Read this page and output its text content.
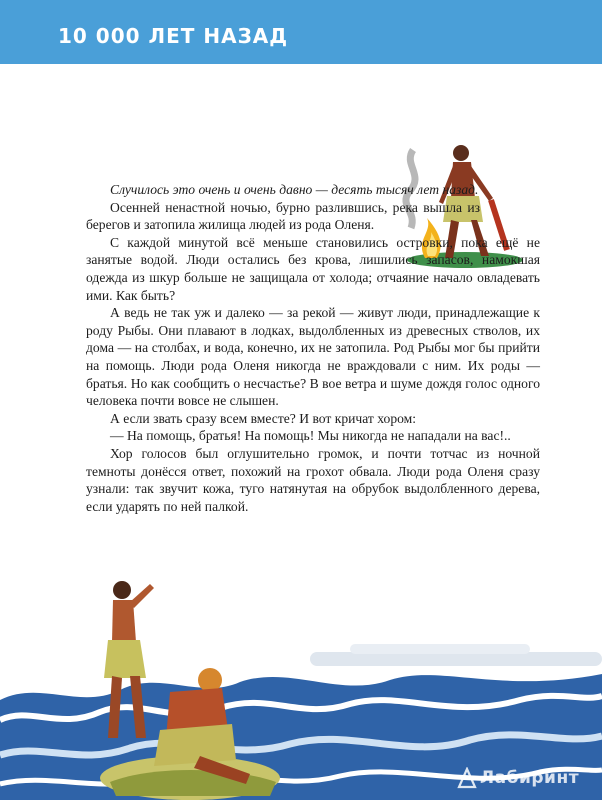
10 000 ЛЕТ НАЗАД

Случилось это очень и очень давно — десять тысяч лет назад.

Осенней ненастной ночью, бурно разлившись, река вышла из берегов и затопила жилища людей из рода Оленя.

С каждой минутой всё меньше становились островки, пока ещё не занятые водой. Люди остались без крова, лишились запасов, намокшая одежда из шкур больше не защищала от холода; отчаяние начало овладевать ими. Как быть?

А ведь не так уж и далеко — за рекой — живут люди, принадлежащие к роду Рыбы. Они плавают в лодках, выдолбленных из древесных стволов, их дома — на столбах, и вода, конечно, их не затопила. Род Рыбы мог бы прийти на помощь. Люди рода Оленя никогда не враждовали с ним. Их роды — братья. Но как сообщить о несчастье? В вое ветра и шуме дождя голос одного человека почти вовсе не слышен.

А если звать сразу всем вместе? И вот кричат хором:

— На помощь, братья! На помощь! Мы никогда не нападали на вас!..

Хор голосов был оглушительно громок, и почти тотчас из ночной темноты донёсся ответ, похожий на грохот обвала. Люди рода Оленя сразу узнали: так звучит кожа, туго натянутая на обрубок выдолбленного дерева, если ударять по ней палкой.

Лабиринт
